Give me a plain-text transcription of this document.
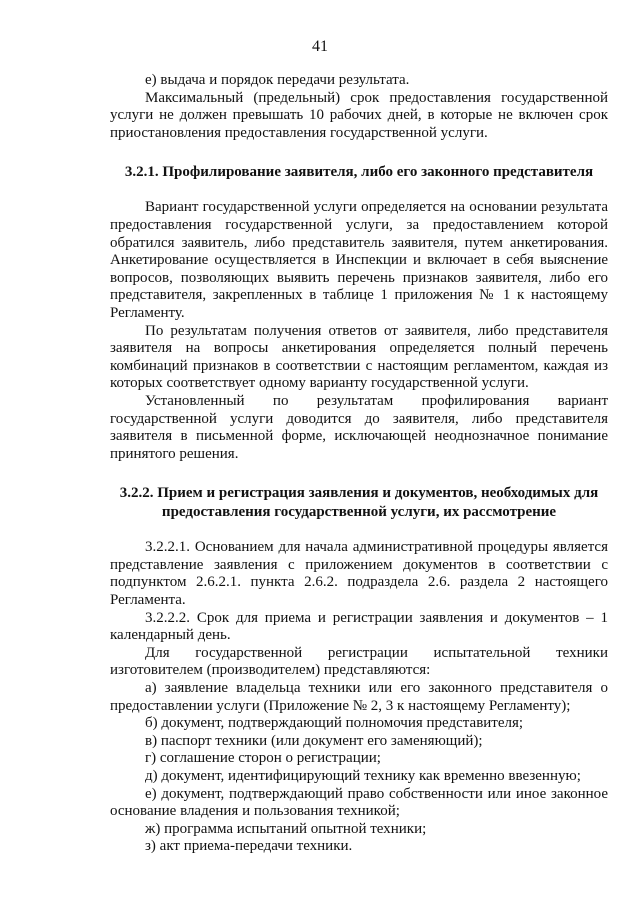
41

е) выдача и порядок передачи результата.

Максимальный (предельный) срок предоставления государственной услуги не должен превышать 10 рабочих дней, в которые не включен срок приостановления предоставления государственной услуги.

3.2.1. Профилирование заявителя, либо его законного представителя

Вариант государственной услуги определяется на основании результата предоставления государственной услуги, за предоставлением которой обратился заявитель, либо представитель заявителя, путем анкетирования. Анкетирование осуществляется в Инспекции и включает в себя выяснение вопросов, позволяющих выявить перечень признаков заявителя, либо его представителя, закрепленных в таблице 1 приложения № 1 к настоящему Регламенту.

По результатам получения ответов от заявителя, либо представителя заявителя на вопросы анкетирования определяется полный перечень комбинаций признаков в соответствии с настоящим регламентом, каждая из которых соответствует одному варианту государственной услуги.

Установленный по результатам профилирования вариант государственной услуги доводится до заявителя, либо представителя заявителя в письменной форме, исключающей неоднозначное понимание принятого решения.

3.2.2. Прием и регистрация заявления и документов, необходимых для

предоставления государственной услуги, их рассмотрение

3.2.2.1. Основанием для начала административной процедуры является представление заявления с приложением документов в соответствии с подпунктом 2.6.2.1. пункта 2.6.2. подраздела 2.6. раздела 2 настоящего Регламента.

3.2.2.2. Срок для приема и регистрации заявления и документов – 1 календарный день.

Для государственной регистрации испытательной техники изготовителем (производителем) представляются:

а) заявление владельца техники или его законного представителя о предоставлении услуги (Приложение № 2, 3 к настоящему Регламенту);

б) документ, подтверждающий полномочия представителя;

в) паспорт техники (или документ его заменяющий);

г) соглашение сторон о регистрации;

д) документ, идентифицирующий технику как временно ввезенную;

е) документ, подтверждающий право собственности или иное законное основание владения и пользования техникой;

ж) программа испытаний опытной техники;

з) акт приема-передачи техники.
